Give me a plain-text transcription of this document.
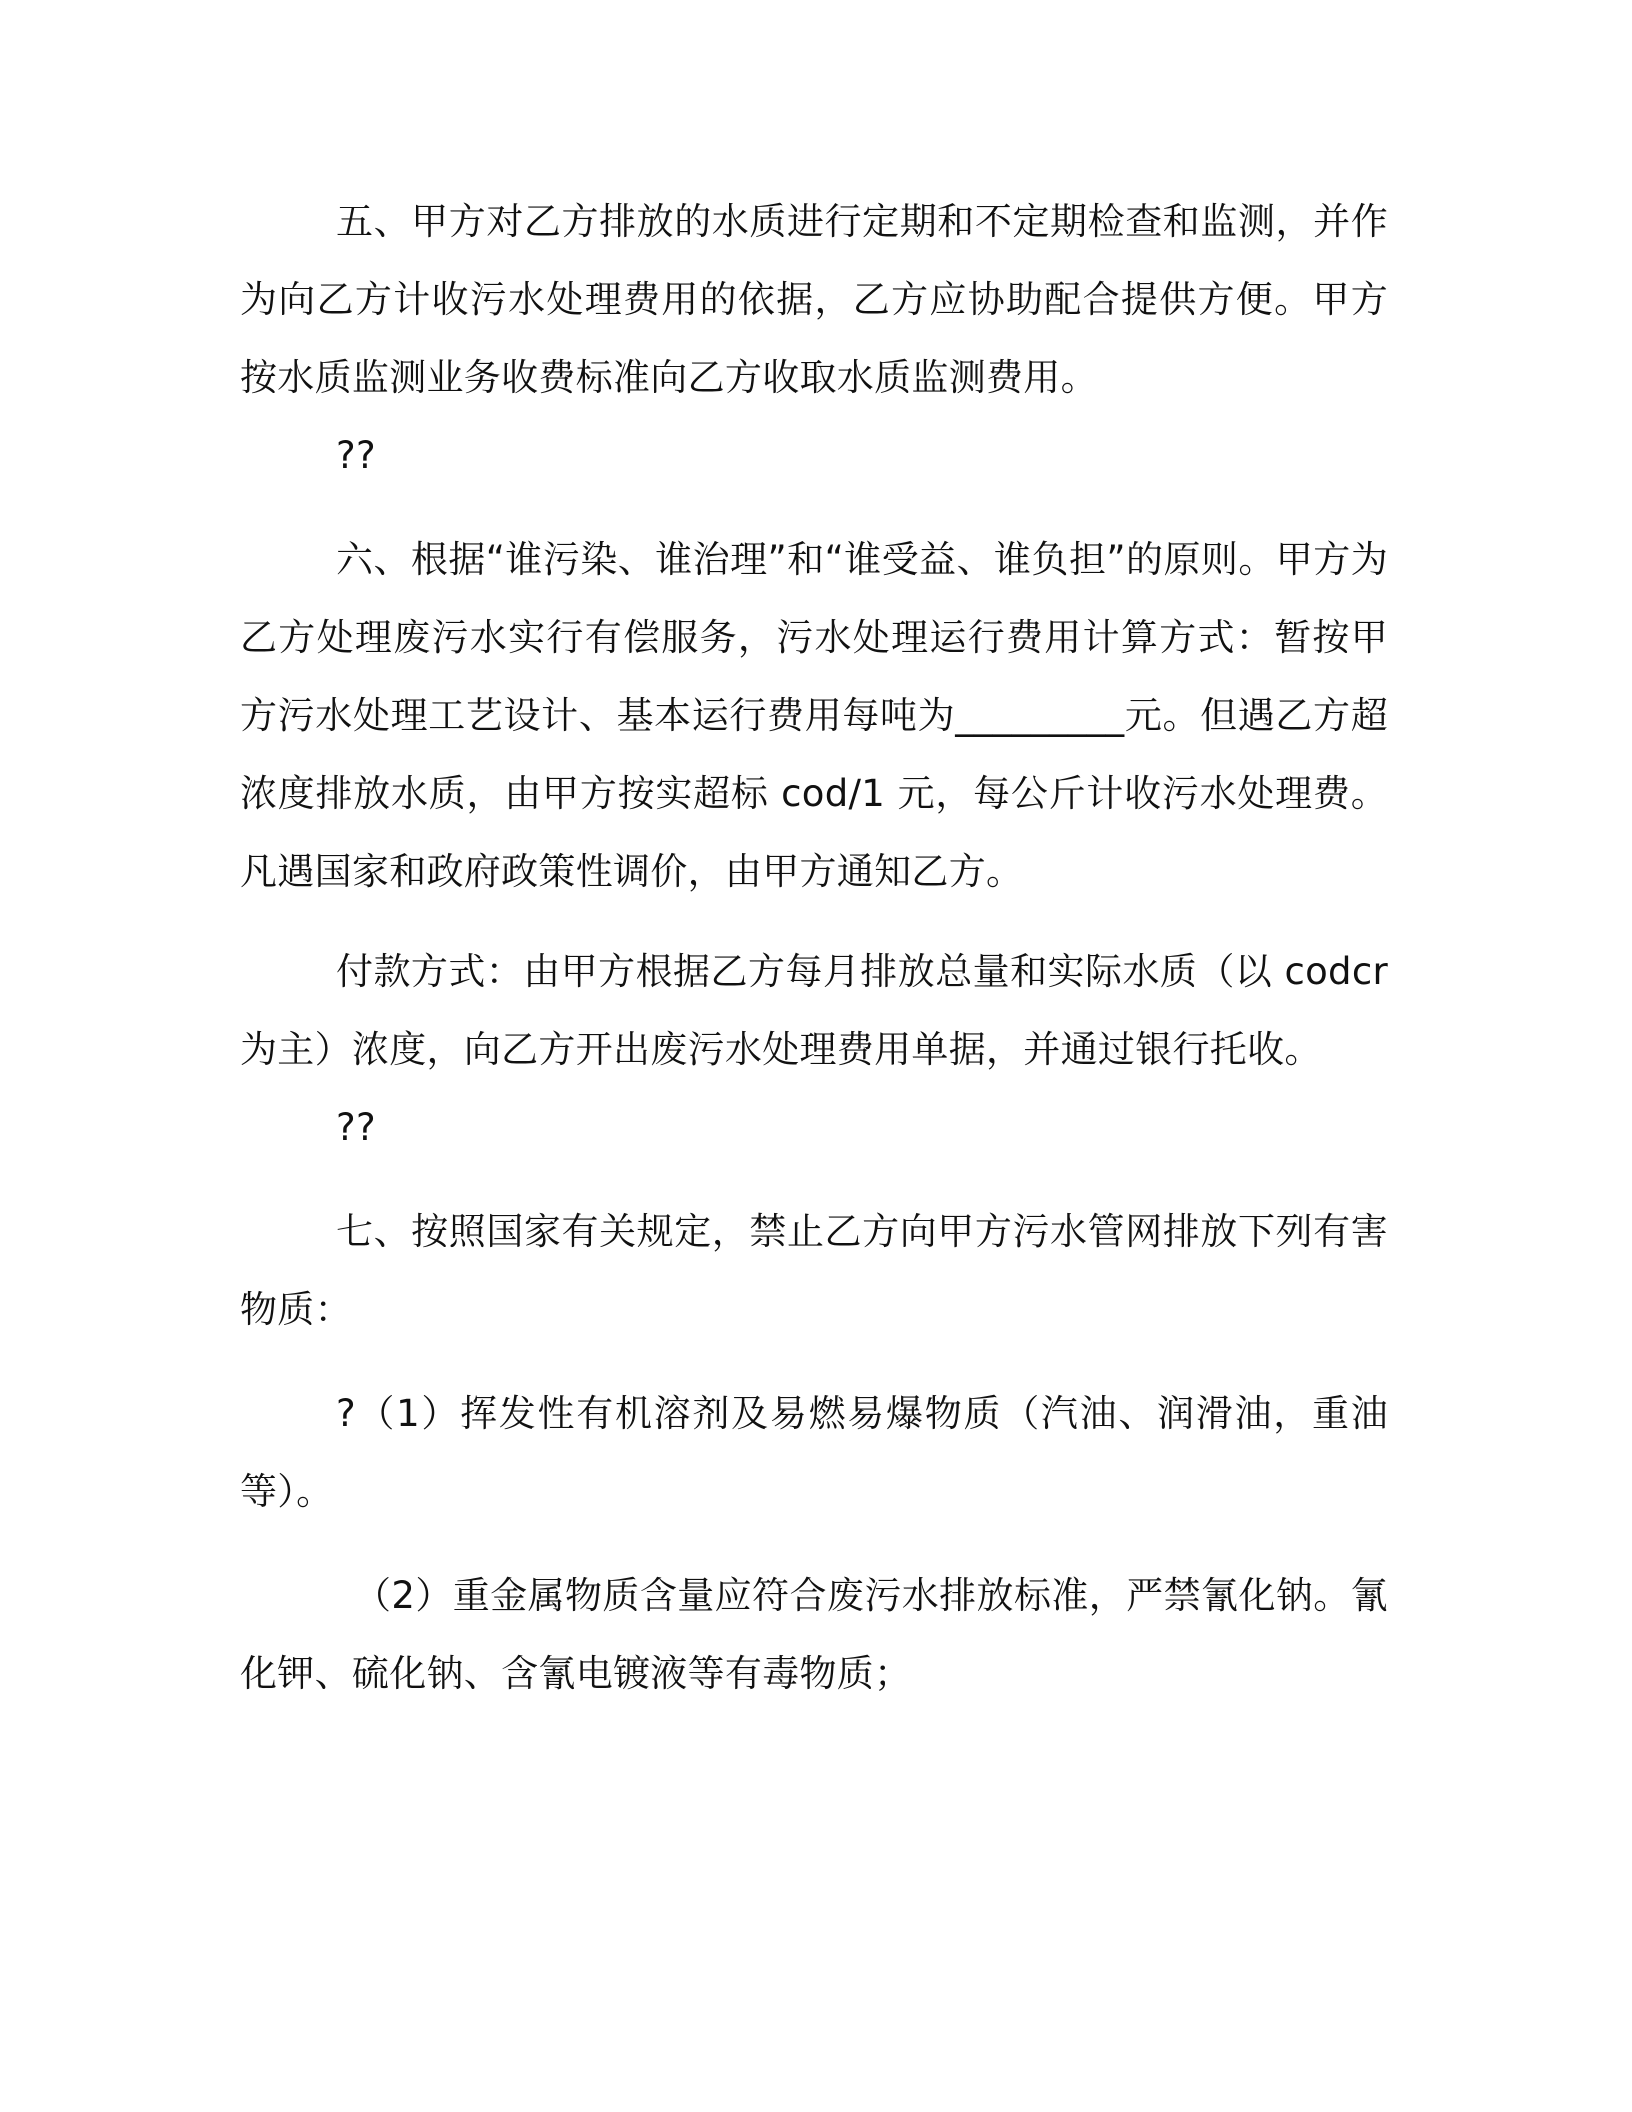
五、甲方对乙方排放的水质进行定期和不定期检查和监测，并作为向乙方计收污水处理费用的依据，乙方应协助配合提供方便。甲方按水质监测业务收费标准向乙方收取水质监测费用。

??

六、根据“谁污染、谁治理”和“谁受益、谁负担”的原则。甲方为乙方处理废污水实行有偿服务，污水处理运行费用计算方式：暂按甲方污水处理工艺设计、基本运行费用每吨为_________元。但遇乙方超浓度排放水质，由甲方按实超标 cod/1 元，每公斤计收污水处理费。凡遇国家和政府政策性调价，由甲方通知乙方。

付款方式：由甲方根据乙方每月排放总量和实际水质（以 codcr 为主）浓度，向乙方开出废污水处理费用单据，并通过银行托收。

??

七、按照国家有关规定，禁止乙方向甲方污水管网排放下列有害物质：

?（1）挥发性有机溶剂及易燃易爆物质（汽油、润滑油，重油等）。

（2）重金属物质含量应符合废污水排放标准，严禁氰化钠。氰化钾、硫化钠、含氰电镀液等有毒物质；
